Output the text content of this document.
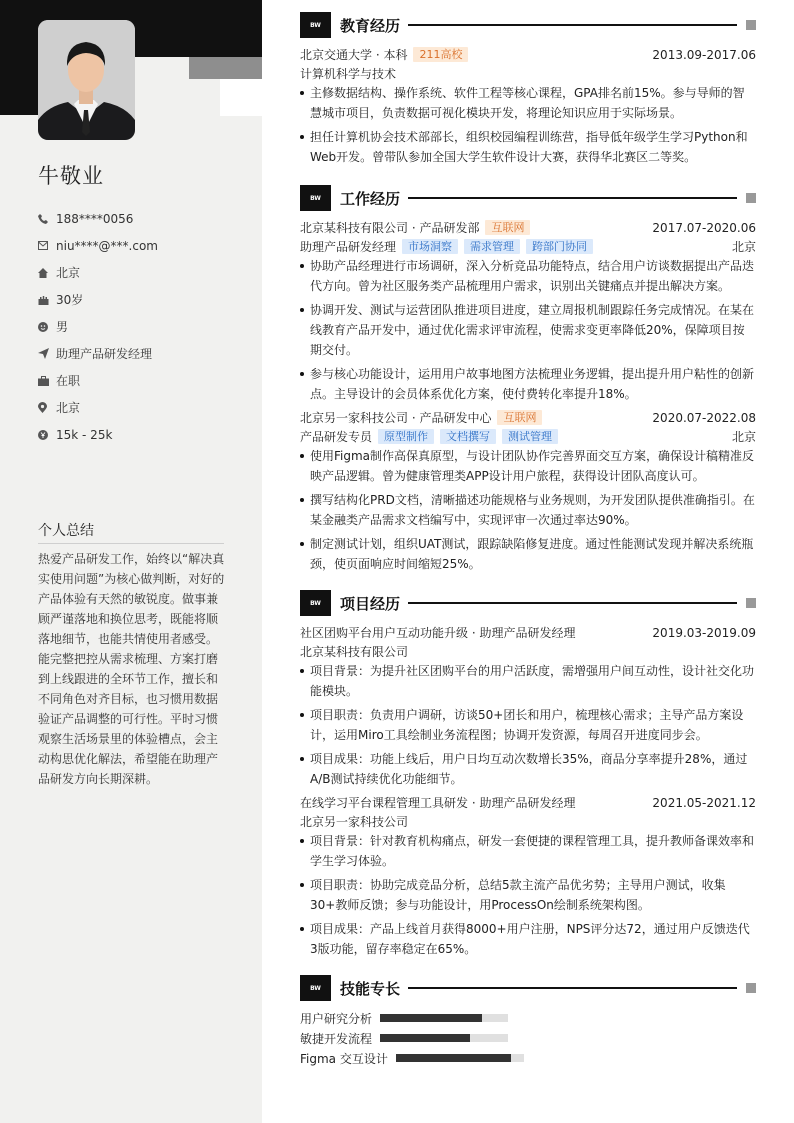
牛敬业
188****0056
niu****@***.com
北京
30岁
男
助理产品研发经理
在职
北京
15k - 25k
个人总结
热爱产品研发工作，始终以“解决真实使用问题”为核心做判断，对好的产品体验有天然的敏锐度。做事兼顾严谨落地和换位思考，既能将顺落地细节，也能共情使用者感受。能完整把控从需求梳理、方案打磨到上线跟进的全环节工作，擅长和不同角色对齐目标，也习惯用数据验证产品调整的可行性。平时习惯观察生活场景里的体验槽点，会主动构思优化解法，希望能在助理产品研发方向长期深耕。
BW	教育经历
北京交通大学 · 本科	211高校	2013.09-2017.06
计算机科学与技术
主修数据结构、操作系统、软件工程等核心课程，GPA排名前15%。参与导师的智慧城市项目，负责数据可视化模块开发，将理论知识应用于实际场景。
担任计算机协会技术部部长，组织校园编程训练营，指导低年级学生学习Python和Web开发。曾带队参加全国大学生软件设计大赛，获得华北赛区二等奖。
BW	工作经历
北京某科技有限公司 · 产品研发部	互联网	2017.07-2020.06
助理产品研发经理	市场洞察	需求管理	跨部门协同	北京
协助产品经理进行市场调研，深入分析竞品功能特点，结合用户访谈数据提出产品迭代方向。曾为社区服务类产品梳理用户需求，识别出关键痛点并提出解决方案。
协调开发、测试与运营团队推进项目进度，建立周报机制跟踪任务完成情况。在某在线教育产品开发中，通过优化需求评审流程，使需求变更率降低20%，保障项目按期交付。
参与核心功能设计，运用用户故事地图方法梳理业务逻辑，提出提升用户粘性的创新点。主导设计的会员体系优化方案，使付费转化率提升18%。
北京另一家科技公司 · 产品研发中心	互联网	2020.07-2022.08
产品研发专员	原型制作	文档撰写	测试管理	北京
使用Figma制作高保真原型，与设计团队协作完善界面交互方案，确保设计稿精准反映产品逻辑。曾为健康管理类APP设计用户旅程，获得设计团队高度认可。
撰写结构化PRD文档，清晰描述功能规格与业务规则，为开发团队提供准确指引。在某金融类产品需求文档编写中，实现评审一次通过率达90%。
制定测试计划，组织UAT测试，跟踪缺陷修复进度。通过性能测试发现并解决系统瓶颈，使页面响应时间缩短25%。
BW	项目经历
社区团购平台用户互动功能升级 · 助理产品研发经理	2019.03-2019.09
北京某科技有限公司
项目背景：为提升社区团购平台的用户活跃度，需增强用户间互动性，设计社交化功能模块。
项目职责：负责用户调研，访谈50+团长和用户，梳理核心需求；主导产品方案设计，运用Miro工具绘制业务流程图；协调开发资源，每周召开进度同步会。
项目成果：功能上线后，用户日均互动次数增长35%，商品分享率提升28%，通过A/B测试持续优化功能细节。
在线学习平台课程管理工具研发 · 助理产品研发经理	2021.05-2021.12
北京另一家科技公司
项目背景：针对教育机构痛点，研发一套便捷的课程管理工具，提升教师备课效率和学生学习体验。
项目职责：协助完成竞品分析，总结5款主流产品优劣势；主导用户测试，收集30+教师反馈；参与功能设计，用ProcessOn绘制系统架构图。
项目成果：产品上线首月获得8000+用户注册，NPS评分达72，通过用户反馈迭代3版功能，留存率稳定在65%。
BW	技能专长
用户研究分析
敏捷开发流程
Figma 交互设计
